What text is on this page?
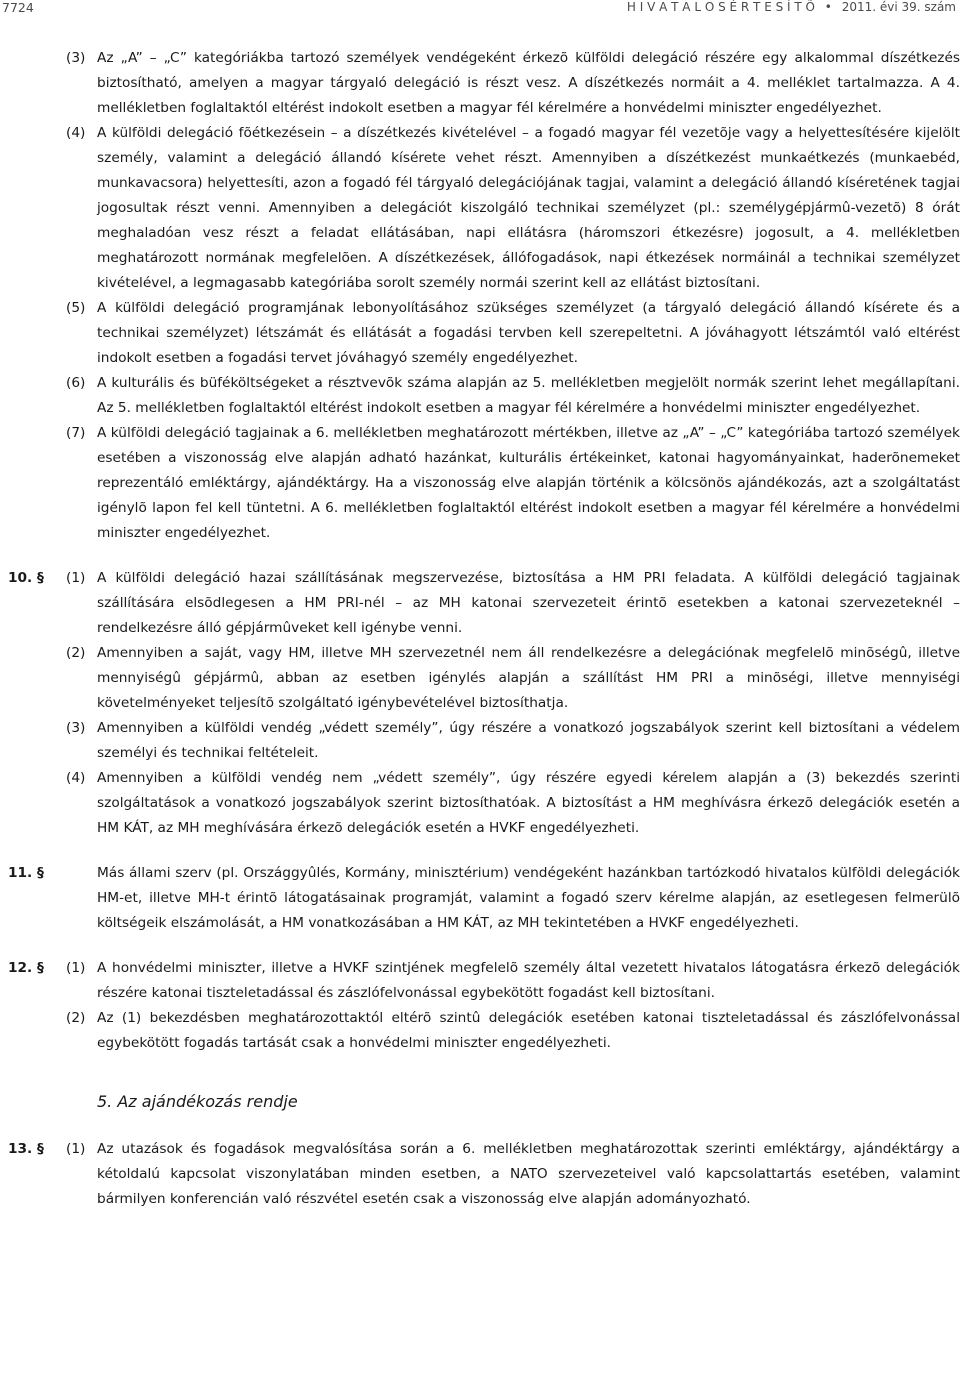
7724	H I V A T A L O S É R T E S Í T Õ • 2011. évi 39. szám
(3) Az „A” – „C” kategóriákba tartozó személyek vendégeként érkezõ külföldi delegáció részére egy alkalommal díszétkezés biztosítható, amelyen a magyar tárgyaló delegáció is részt vesz. A díszétkezés normáit a 4. melléklet tartalmazza. A 4. mellékletben foglaltaktól eltérést indokolt esetben a magyar fél kérelmére a honvédelmi miniszter engedélyezhet.
(4) A külföldi delegáció fõétkezésein – a díszétkezés kivételével – a fogadó magyar fél vezetõje vagy a helyettesítésére kijelölt személy, valamint a delegáció állandó kísérete vehet részt. Amennyiben a díszétkezést munkaétkezés (munkaebéd, munkavacsora) helyettesíti, azon a fogadó fél tárgyaló delegációjának tagjai, valamint a delegáció állandó kíséretének tagjai jogosultak részt venni. Amennyiben a delegációt kiszolgáló technikai személyzet (pl.: személygépjármû-vezetõ) 8 órát meghaladóan vesz részt a feladat ellátásában, napi ellátásra (háromszori étkezésre) jogosult, a 4. mellékletben meghatározott normának megfelelõen. A díszétkezések, állófogadások, napi étkezések normáinál a technikai személyzet kivételével, a legmagasabb kategóriába sorolt személy normái szerint kell az ellátást biztosítani.
(5) A külföldi delegáció programjának lebonyolításához szükséges személyzet (a tárgyaló delegáció állandó kísérete és a technikai személyzet) létszámát és ellátását a fogadási tervben kell szerepeltetni. A jóváhagyott létszámtól való eltérést indokolt esetben a fogadási tervet jóváhagyó személy engedélyezhet.
(6) A kulturális és büféköltségeket a résztvevõk száma alapján az 5. mellékletben megjelölt normák szerint lehet megállapítani. Az 5. mellékletben foglaltaktól eltérést indokolt esetben a magyar fél kérelmére a honvédelmi miniszter engedélyezhet.
(7) A külföldi delegáció tagjainak a 6. mellékletben meghatározott mértékben, illetve az „A” – „C” kategóriába tartozó személyek esetében a viszonosság elve alapján adható hazánkat, kulturális értékeinket, katonai hagyományainkat, haderõnemeket reprezentáló emléktárgy, ajándéktárgy. Ha a viszonosság elve alapján történik a kölcsönös ajándékozás, azt a szolgáltatást igénylõ lapon fel kell tüntetni. A 6. mellékletben foglaltaktól eltérést indokolt esetben a magyar fél kérelmére a honvédelmi miniszter engedélyezhet.
10. § (1) A külföldi delegáció hazai szállításának megszervezése, biztosítása a HM PRI feladata. A külföldi delegáció tagjainak szállítására elsõdlegesen a HM PRI-nél – az MH katonai szervezeteit érintõ esetekben a katonai szervezeteknél – rendelkezésre álló gépjármûveket kell igénybe venni.
(2) Amennyiben a saját, vagy HM, illetve MH szervezetnél nem áll rendelkezésre a delegációnak megfelelõ minõségû, illetve mennyiségû gépjármû, abban az esetben igénylés alapján a szállítást HM PRI a minõségi, illetve mennyiségi követelményeket teljesítõ szolgáltató igénybevételével biztosíthatja.
(3) Amennyiben a külföldi vendég „védett személy”, úgy részére a vonatkozó jogszabályok szerint kell biztosítani a védelem személyi és technikai feltételeit.
(4) Amennyiben a külföldi vendég nem „védett személy”, úgy részére egyedi kérelem alapján a (3) bekezdés szerinti szolgáltatások a vonatkozó jogszabályok szerint biztosíthatóak. A biztosítást a HM meghívásra érkezõ delegációk esetén a HM KÁT, az MH meghívására érkezõ delegációk esetén a HVKF engedélyezheti.
11. §	Más állami szerv (pl. Országgyûlés, Kormány, minisztérium) vendégeként hazánkban tartózkodó hivatalos külföldi delegációk HM-et, illetve MH-t érintõ látogatásainak programját, valamint a fogadó szerv kérelme alapján, az esetlegesen felmerülõ költségeik elszámolását, a HM vonatkozásában a HM KÁT, az MH tekintetében a HVKF engedélyezheti.
12. § (1) A honvédelmi miniszter, illetve a HVKF szintjének megfelelõ személy által vezetett hivatalos látogatásra érkezõ delegációk részére katonai tiszteletadással és zászlófelvonással egybekötött fogadást kell biztosítani.
(2) Az (1) bekezdésben meghatározottaktól eltérõ szintû delegációk esetében katonai tiszteletadással és zászlófelvonással egybekötött fogadás tartását csak a honvédelmi miniszter engedélyezheti.
5. Az ajándékozás rendje
13. § (1) Az utazások és fogadások megvalósítása során a 6. mellékletben meghatározottak szerinti emléktárgy, ajándéktárgy a kétoldalú kapcsolat viszonylatában minden esetben, a NATO szervezeteivel való kapcsolattartás esetében, valamint bármilyen konferencián való részvétel esetén csak a viszonosság elve alapján adományozható.
